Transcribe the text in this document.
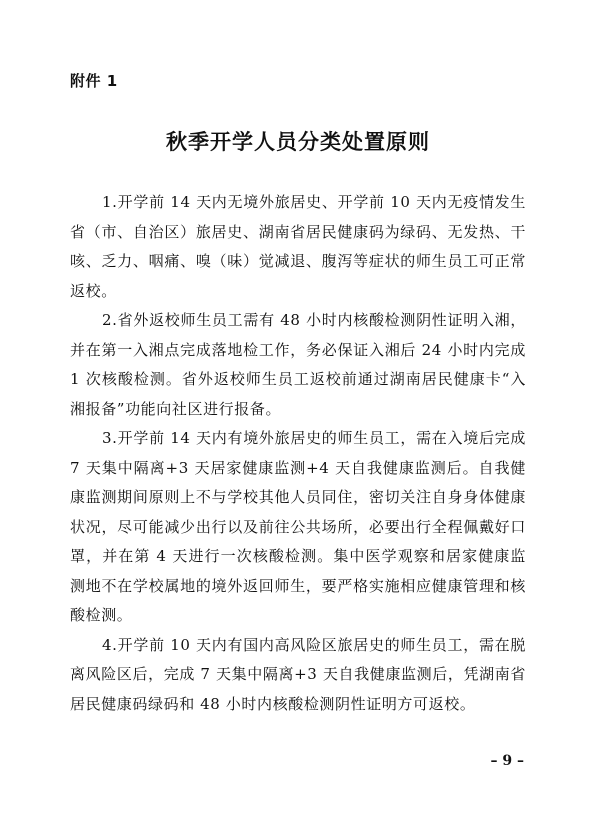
附件 1
秋季开学人员分类处置原则

1.开学前 14 天内无境外旅居史、开学前 10 天内无疫情发生省（市、自治区）旅居史、湖南省居民健康码为绿码、无发热、干咳、乏力、咽痛、嗅（味）觉减退、腹泻等症状的师生员工可正常返校。

2.省外返校师生员工需有 48 小时内核酸检测阴性证明入湘，并在第一入湘点完成落地检工作，务必保证入湘后 24 小时内完成 1 次核酸检测。省外返校师生员工返校前通过湖南居民健康卡“入湘报备”功能向社区进行报备。

3.开学前 14 天内有境外旅居史的师生员工，需在入境后完成 7 天集中隔离+3 天居家健康监测+4 天自我健康监测后。自我健康监测期间原则上不与学校其他人员同住，密切关注自身身体健康状况，尽可能减少出行以及前往公共场所，必要出行全程佩戴好口罩，并在第 4 天进行一次核酸检测。集中医学观察和居家健康监测地不在学校属地的境外返回师生，要严格实施相应健康管理和核酸检测。

4.开学前 10 天内有国内高风险区旅居史的师生员工，需在脱离风险区后，完成 7 天集中隔离+3 天自我健康监测后，凭湖南省居民健康码绿码和 48 小时内核酸检测阴性证明方可返校。

– 9 –
